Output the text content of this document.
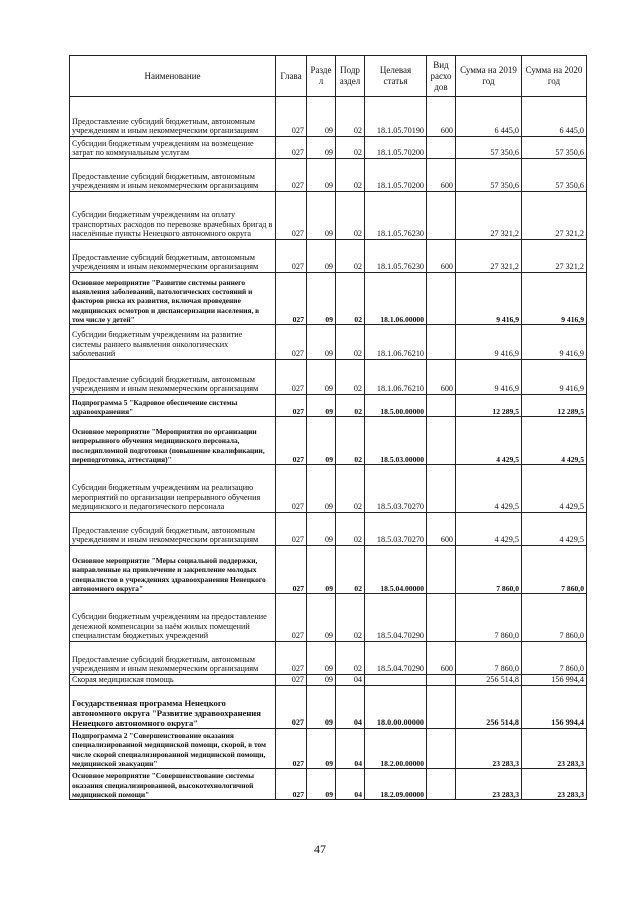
Наименование	Глава	Разде л	Подр аздел	Целевая статья	Вид расхо дов	Сумма на 2019 год	Сумма на 2020 год
Предоставление субсидий бюджетным, автономным учреждениям и иным некоммерческим организациям	027	09	02	18.1.05.70190	600	6 445,0	6 445,0
Субсидии бюджетным учреждениям на возмещение затрат по коммунальным услугам	027	09	02	18.1.05.70200		57 350,6	57 350,6
Предоставление субсидий бюджетным, автономным учреждениям и иным некоммерческим организациям	027	09	02	18.1.05.70200	600	57 350,6	57 350,6
Субсидии бюджетным учреждениям на оплату транспортных расходов по перевозке врачебных бригад в населённые пункты Ненецкого автономного округа	027	09	02	18.1.05.76230		27 321,2	27 321,2
Предоставление субсидий бюджетным, автономным учреждениям и иным некоммерческим организациям	027	09	02	18.1.05.76230	600	27 321,2	27 321,2
Основное мероприятие "Развитие системы раннего выявления заболеваний, патологических состояний и факторов риска их развития, включая проведение медицинских осмотров и диспансеризации населения, в том числе у детей"	027	09	02	18.1.06.00000		9 416,9	9 416,9
Субсидии бюджетным учреждениям на развитие системы раннего выявления онкологических заболеваний	027	09	02	18.1.06.76210		9 416,9	9 416,9
Предоставление субсидий бюджетным, автономным учреждениям и иным некоммерческим организациям	027	09	02	18.1.06.76210	600	9 416,9	9 416,9
Подпрограмма 5 "Кадровое обеспечение системы здравоохранения"	027	09	02	18.5.00.00000		12 289,5	12 289,5
Основное мероприятие "Мероприятия по организации непрерывного обучения медицинского персонала, последипломной подготовки (повышение квалификации, переподготовка, аттестация)"	027	09	02	18.5.03.00000		4 429,5	4 429,5
Субсидии бюджетным учреждениям на реализацию мероприятий по организации непрерывного обучения медицинского и педагогического персонала	027	09	02	18.5.03.70270		4 429,5	4 429,5
Предоставление субсидий бюджетным, автономным учреждениям и иным некоммерческим организациям	027	09	02	18.5.03.70270	600	4 429,5	4 429,5
Основное мероприятие "Меры социальной поддержки, направленные на привлечение и закрепление молодых специалистов в учреждениях здравоохранения Ненецкого автономного округа"	027	09	02	18.5.04.00000		7 860,0	7 860,0
Субсидии бюджетным учреждениям на предоставление денежной компенсации за наём жилых помещений специалистам бюджетных учреждений	027	09	02	18.5.04.70290		7 860,0	7 860,0
Предоставление субсидий бюджетным, автономным учреждениям и иным некоммерческим организациям	027	09	02	18.5.04.70290	600	7 860,0	7 860,0
Скорая медицинская помощь	027	09	04			256 514,8	156 994,4
Государственная программа Ненецкого автономного округа "Развитие здравоохранения Ненецкого автономного округа"	027	09	04	18.0.00.00000		256 514,8	156 994,4
Подпрограмма 2 "Совершенствование оказания специализированной медицинской помощи, скорой, в том числе скорой специализированной медицинской помощи, медицинской эвакуации"	027	09	04	18.2.00.00000		23 283,3	23 283,3
Основное мероприятие "Совершенствование системы оказания специализированной, высокотехнологичной медицинской помощи"	027	09	04	18.2.09.00000		23 283,3	23 283,3
47
